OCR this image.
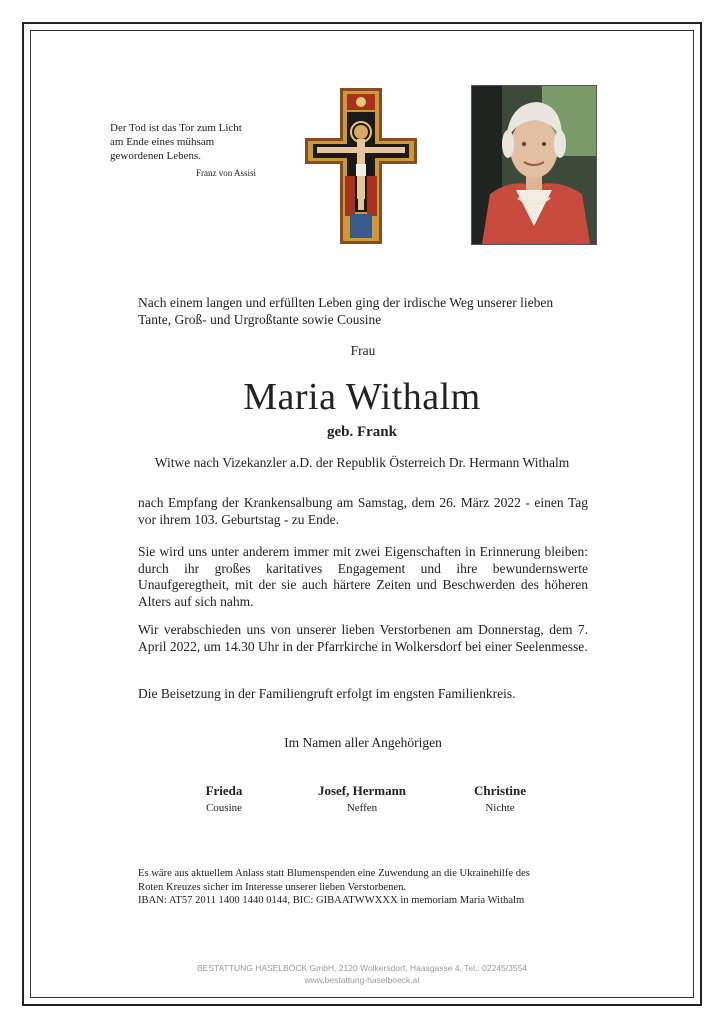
Der Tod ist das Tor zum Licht
am Ende eines mühsam
gewordenen Lebens.
Franz von Assisi

Nach einem langen und erfüllten Leben ging der irdische Weg unserer lieben
Tante, Groß- und Urgroßtante sowie Cousine

Frau

Maria Withalm
geb. Frank

Witwe nach Vizekanzler a.D. der Republik Österreich Dr. Hermann Withalm

nach Empfang der Krankensalbung am Samstag, dem 26. März 2022 - einen Tag vor ihrem 103. Geburtstag - zu Ende.

Sie wird uns unter anderem immer mit zwei Eigenschaften in Erinnerung bleiben: durch ihr großes karitatives Engagement und ihre bewundernswerte Unaufgeregtheit, mit der sie auch härtere Zeiten und Beschwerden des höheren Alters auf sich nahm.

Wir verabschieden uns von unserer lieben Verstorbenen am Donnerstag, dem 7. April 2022, um 14.30 Uhr in der Pfarrkirche in Wolkersdorf bei einer Seelenmesse.

Die Beisetzung in der Familiengruft erfolgt im engsten Familienkreis.

Im Namen aller Angehörigen

Frieda
Cousine
Josef, Hermann
Neffen
Christine
Nichte
Es wäre aus aktuellem Anlass statt Blumenspenden eine Zuwendung an die Ukrainehilfe des
Roten Kreuzes sicher im Interesse unserer lieben Verstorbenen.
IBAN: AT57 2011 1400 1440 0144, BIC: GIBAATWWXXX in memoriam Maria Withalm
BESTATTUNG HASELBÖCK GmbH, 2120 Wolkersdorf, Haasgasse 4, Tel.: 02245/3554
www.bestattung-haselboeck.at
